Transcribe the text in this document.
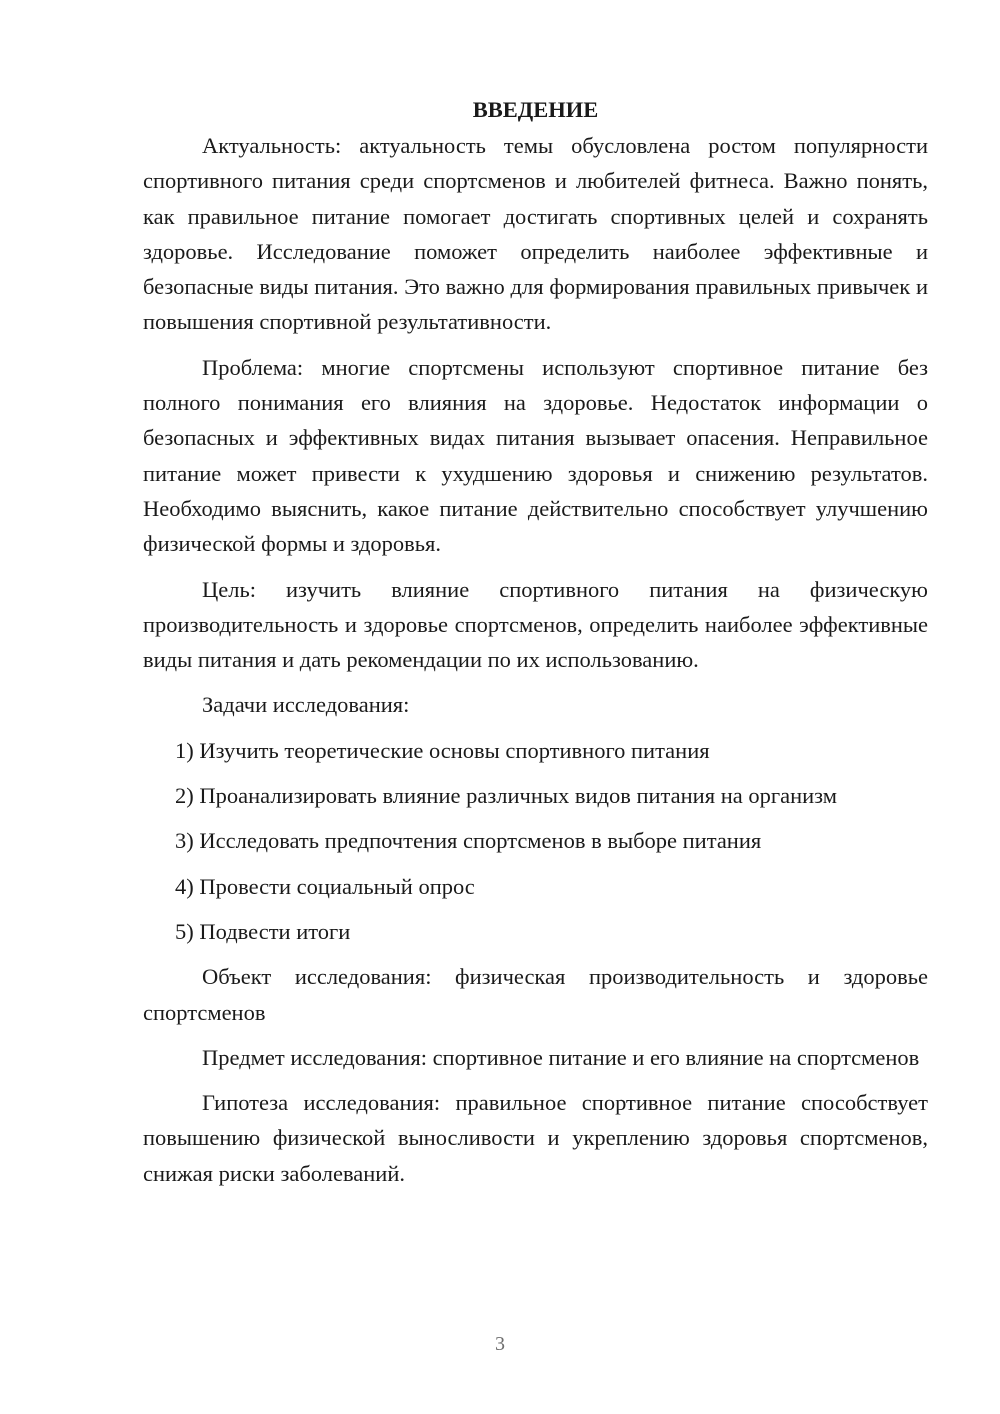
ВВЕДЕНИЕ

Актуальность: актуальность темы обусловлена ростом популярности спортивного питания среди спортсменов и любителей фитнеса. Важно понять, как правильное питание помогает достигать спортивных целей и сохранять здоровье. Исследование поможет определить наиболее эффективные и безопасные виды питания. Это важно для формирования правильных привычек и повышения спортивной результативности.

Проблема: многие спортсмены используют спортивное питание без полного понимания его влияния на здоровье. Недостаток информации о безопасных и эффективных видах питания вызывает опасения. Неправильное питание может привести к ухудшению здоровья и снижению результатов. Необходимо выяснить, какое питание действительно способствует улучшению физической формы и здоровья.

Цель: изучить влияние спортивного питания на физическую производительность и здоровье спортсменов, определить наиболее эффективные виды питания и дать рекомендации по их использованию.

Задачи исследования:

1) Изучить теоретические основы спортивного питания

2) Проанализировать влияние различных видов питания на организм

3) Исследовать предпочтения спортсменов в выборе питания

4) Провести социальный опрос

5) Подвести итоги

Объект исследования: физическая производительность и здоровье спортсменов

Предмет исследования: спортивное питание и его влияние на спортсменов

Гипотеза исследования: правильное спортивное питание способствует повышению физической выносливости и укреплению здоровья спортсменов, снижая риски заболеваний.

3
